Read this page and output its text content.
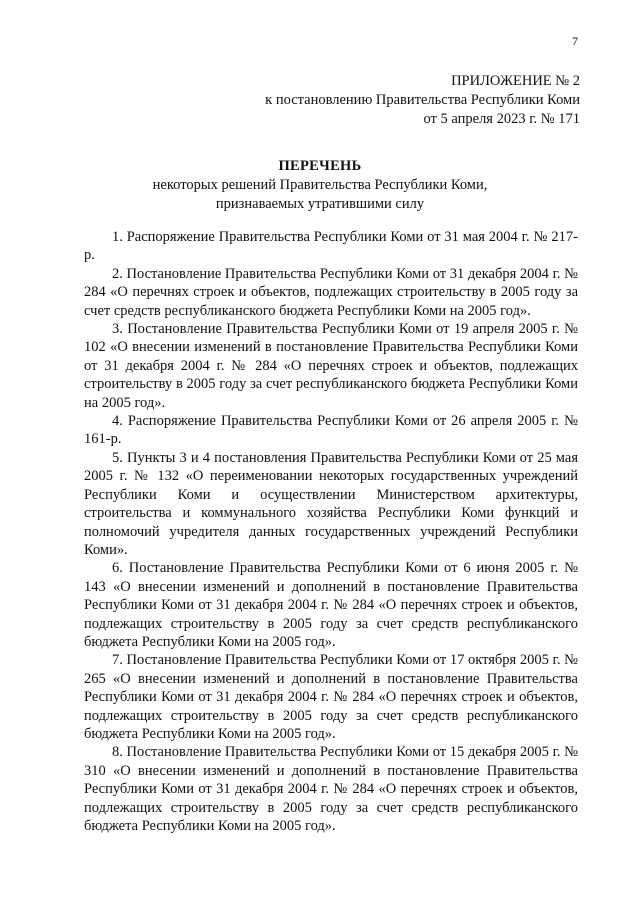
7
ПРИЛОЖЕНИЕ № 2
к постановлению Правительства Республики Коми
от 5 апреля 2023 г. № 171
ПЕРЕЧЕНЬ
некоторых решений Правительства Республики Коми,
признаваемых утратившими силу

1. Распоряжение Правительства Республики Коми от 31 мая 2004 г. № 217-р.

2. Постановление Правительства Республики Коми от 31 декабря 2004 г. № 284 «О перечнях строек и объектов, подлежащих строительству в 2005 году за счет средств республиканского бюджета Республики Коми на 2005 год».

3. Постановление Правительства Республики Коми от 19 апреля 2005 г. № 102 «О внесении изменений в постановление Правительства Республики Коми от 31 декабря 2004 г. № 284 «О перечнях строек и объектов, подлежащих строительству в 2005 году за счет республиканского бюджета Республики Коми на 2005 год».

4. Распоряжение Правительства Республики Коми от 26 апреля 2005 г. № 161-р.

5. Пункты 3 и 4 постановления Правительства Республики Коми от 25 мая 2005 г. № 132 «О переименовании некоторых государственных учреждений Республики Коми и осуществлении Министерством архитектуры, строительства и коммунального хозяйства Республики Коми функций и полномочий учредителя данных государственных учреждений Республики Коми».

6. Постановление Правительства Республики Коми от 6 июня 2005 г. № 143 «О внесении изменений и дополнений в постановление Правительства Республики Коми от 31 декабря 2004 г. № 284 «О перечнях строек и объектов, подлежащих строительству в 2005 году за счет средств республиканского бюджета Республики Коми на 2005 год».

7. Постановление Правительства Республики Коми от 17 октября 2005 г. № 265 «О внесении изменений и дополнений в постановление Правительства Республики Коми от 31 декабря 2004 г. № 284 «О перечнях строек и объектов, подлежащих строительству в 2005 году за счет средств республиканского бюджета Республики Коми на 2005 год».

8. Постановление Правительства Республики Коми от 15 декабря 2005 г. № 310 «О внесении изменений и дополнений в постановление Правительства Республики Коми от 31 декабря 2004 г. № 284 «О перечнях строек и объектов, подлежащих строительству в 2005 году за счет средств республиканского бюджета Республики Коми на 2005 год».
